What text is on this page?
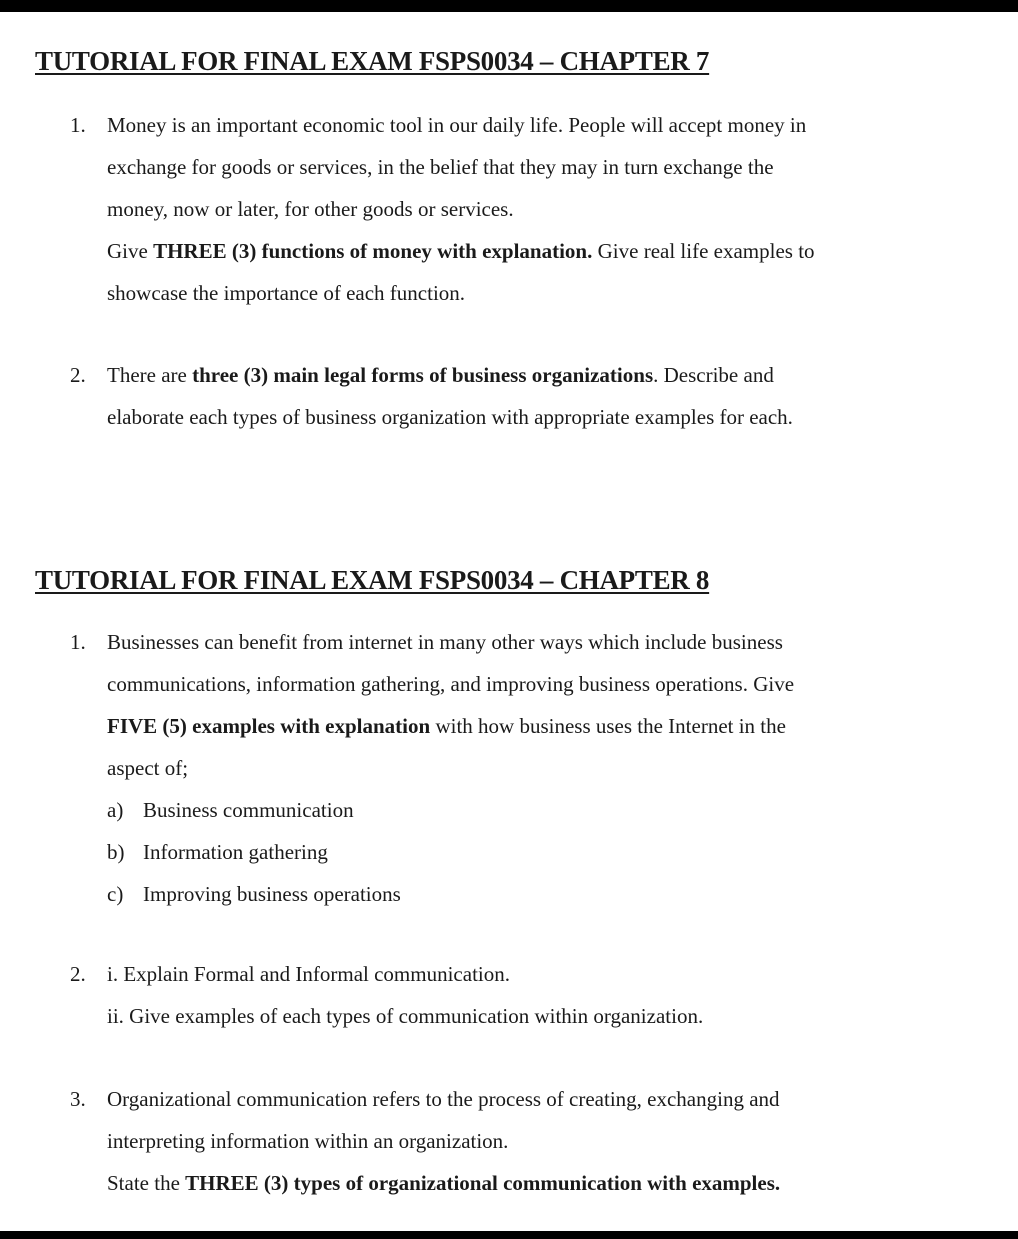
TUTORIAL FOR FINAL EXAM FSPS0034 – CHAPTER 7
1. Money is an important economic tool in our daily life. People will accept money in
exchange for goods or services, in the belief that they may in turn exchange the
money, now or later, for other goods or services.
Give THREE (3) functions of money with explanation. Give real life examples to
showcase the importance of each function.
2. There are three (3) main legal forms of business organizations. Describe and
elaborate each types of business organization with appropriate examples for each.
TUTORIAL FOR FINAL EXAM FSPS0034 – CHAPTER 8
1. Businesses can benefit from internet in many other ways which include business
communications, information gathering, and improving business operations. Give
FIVE (5) examples with explanation with how business uses the Internet in the
aspect of;
a) Business communication
b) Information gathering
c) Improving business operations
2. i. Explain Formal and Informal communication.
ii. Give examples of each types of communication within organization.
3. Organizational communication refers to the process of creating, exchanging and
interpreting information within an organization.
State the THREE (3) types of organizational communication with examples.
